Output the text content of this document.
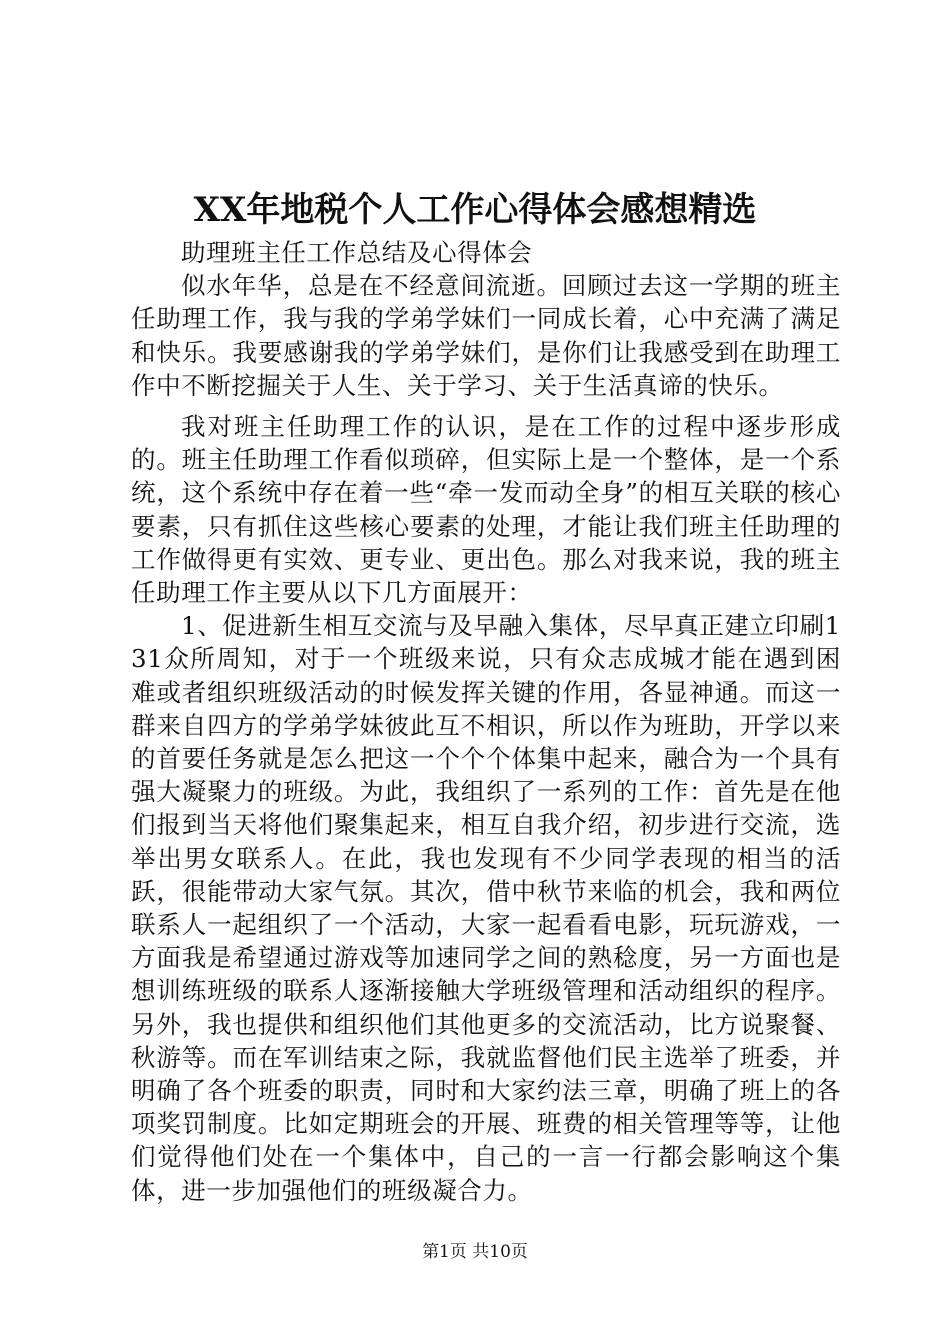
XX年地税个人工作心得体会感想精选

助理班主任工作总结及心得体会

似水年华，总是在不经意间流逝。回顾过去这一学期的班主任助理工作，我与我的学弟学妹们一同成长着，心中充满了满足和快乐。我要感谢我的学弟学妹们，是你们让我感受到在助理工作中不断挖掘关于人生、关于学习、关于生活真谛的快乐。

我对班主任助理工作的认识，是在工作的过程中逐步形成的。班主任助理工作看似琐碎，但实际上是一个整体，是一个系统，这个系统中存在着一些“牵一发而动全身”的相互关联的核心要素，只有抓住这些核心要素的处理，才能让我们班主任助理的工作做得更有实效、更专业、更出色。那么对我来说，我的班主任助理工作主要从以下几方面展开：

1、促进新生相互交流与及早融入集体，尽早真正建立印刷131众所周知，对于一个班级来说，只有众志成城才能在遇到困难或者组织班级活动的时候发挥关键的作用，各显神通。而这一群来自四方的学弟学妹彼此互不相识，所以作为班助，开学以来的首要任务就是怎么把这一个个个体集中起来，融合为一个具有强大凝聚力的班级。为此，我组织了一系列的工作：首先是在他们报到当天将他们聚集起来，相互自我介绍，初步进行交流，选举出男女联系人。在此，我也发现有不少同学表现的相当的活跃，很能带动大家气氛。其次，借中秋节来临的机会，我和两位联系人一起组织了一个活动，大家一起看看电影，玩玩游戏，一方面我是希望通过游戏等加速同学之间的熟稔度，另一方面也是想训练班级的联系人逐渐接触大学班级管理和活动组织的程序。另外，我也提供和组织他们其他更多的交流活动，比方说聚餐、秋游等。而在军训结束之际，我就监督他们民主选举了班委，并明确了各个班委的职责，同时和大家约法三章，明确了班上的各项奖罚制度。比如定期班会的开展、班费的相关管理等等，让他们觉得他们处在一个集体中，自己的一言一行都会影响这个集体，进一步加强他们的班级凝合力。

第1页 共10页
